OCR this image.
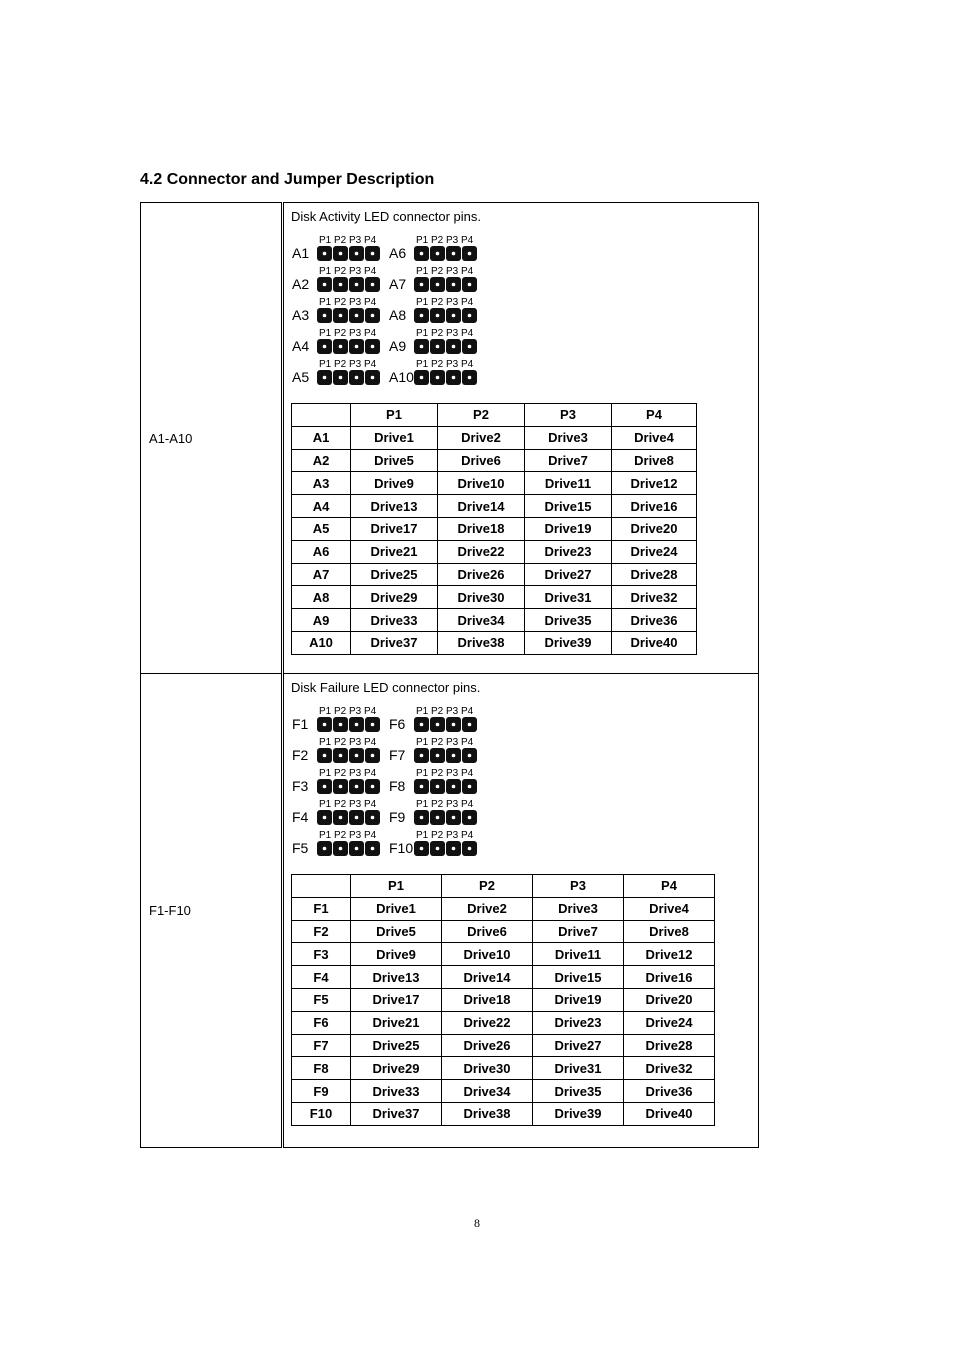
4.2 Connector and Jumper Description
A1-A10	
Disk Activity LED connector pins.
P1 P2 P3 P4
A1
P1 P2 P3 P4
A2
P1 P2 P3 P4
A3
P1 P2 P3 P4
A4
P1 P2 P3 P4
A5
P1 P2 P3 P4
A6
P1 P2 P3 P4
A7
P1 P2 P3 P4
A8
P1 P2 P3 P4
A9
P1 P2 P3 P4
A10
	P1	P2	P3	P4
A1	Drive1	Drive2	Drive3	Drive4
A2	Drive5	Drive6	Drive7	Drive8
A3	Drive9	Drive10	Drive11	Drive12
A4	Drive13	Drive14	Drive15	Drive16
A5	Drive17	Drive18	Drive19	Drive20
A6	Drive21	Drive22	Drive23	Drive24
A7	Drive25	Drive26	Drive27	Drive28
A8	Drive29	Drive30	Drive31	Drive32
A9	Drive33	Drive34	Drive35	Drive36
A10	Drive37	Drive38	Drive39	Drive40

F1-F10	
Disk Failure LED connector pins.
P1 P2 P3 P4
F1
P1 P2 P3 P4
F2
P1 P2 P3 P4
F3
P1 P2 P3 P4
F4
P1 P2 P3 P4
F5
P1 P2 P3 P4
F6
P1 P2 P3 P4
F7
P1 P2 P3 P4
F8
P1 P2 P3 P4
F9
P1 P2 P3 P4
F10
	P1	P2	P3	P4
F1	Drive1	Drive2	Drive3	Drive4
F2	Drive5	Drive6	Drive7	Drive8
F3	Drive9	Drive10	Drive11	Drive12
F4	Drive13	Drive14	Drive15	Drive16
F5	Drive17	Drive18	Drive19	Drive20
F6	Drive21	Drive22	Drive23	Drive24
F7	Drive25	Drive26	Drive27	Drive28
F8	Drive29	Drive30	Drive31	Drive32
F9	Drive33	Drive34	Drive35	Drive36
F10	Drive37	Drive38	Drive39	Drive40
8
